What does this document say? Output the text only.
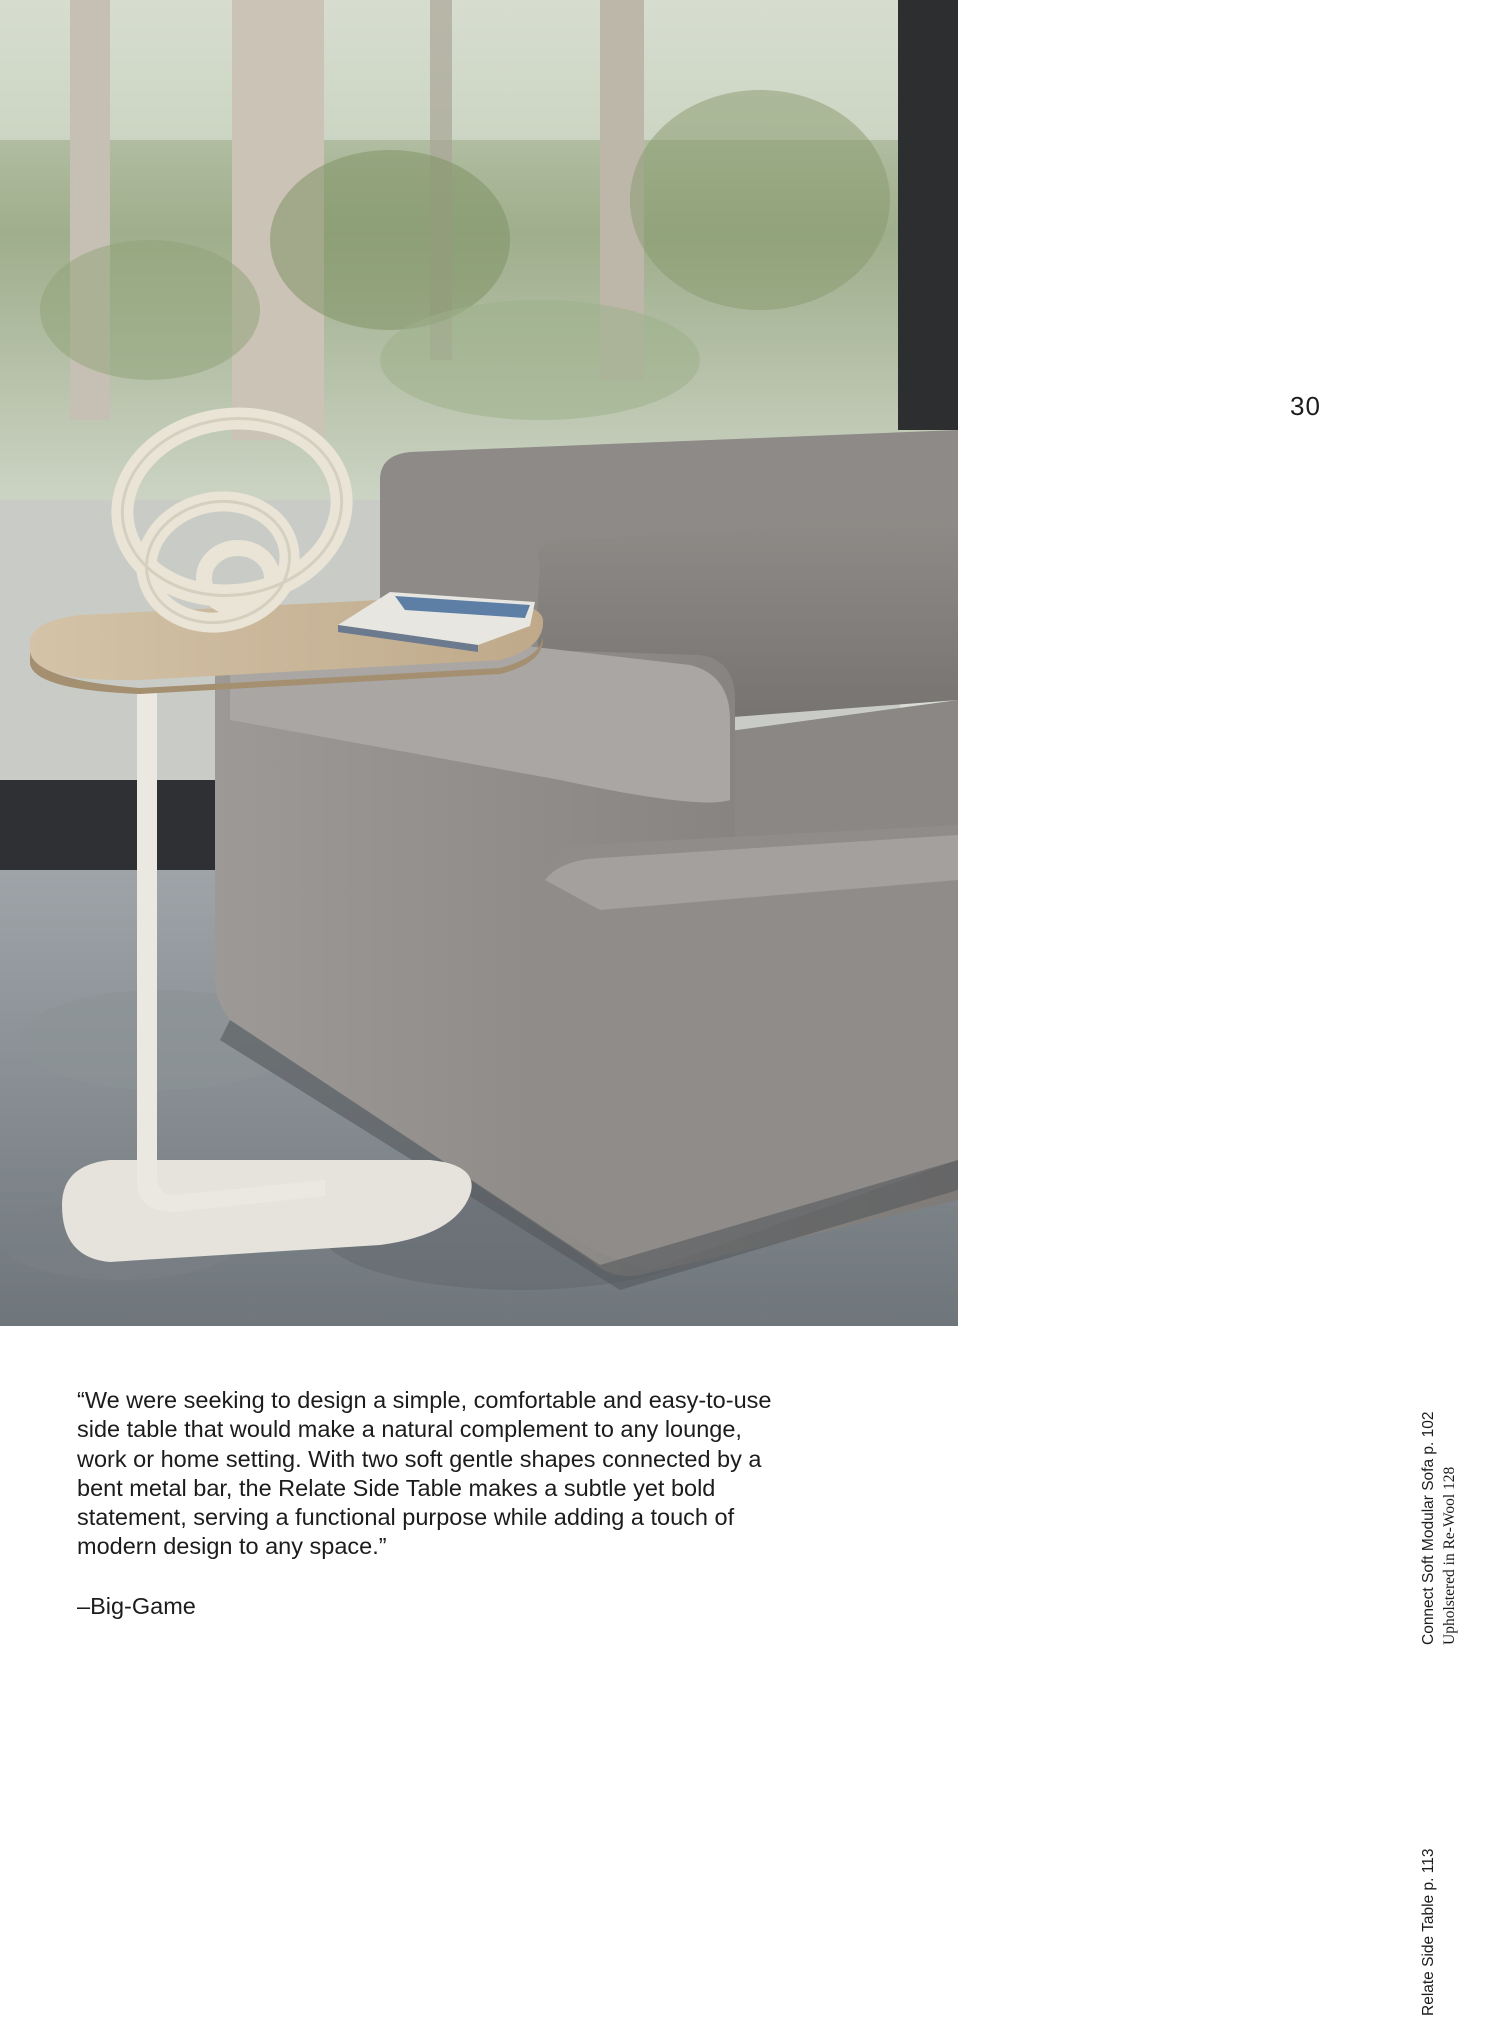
30

“We were seeking to design a simple, comfortable and easy-to-use side table that would make a natural complement to any lounge, work or home setting. With two soft gentle shapes connected by a bent metal bar, the Relate Side Table makes a subtle yet bold statement, serving a functional purpose while adding a touch of modern design to any space.”

–Big-Game	Connect Soft Modular Sofa p. 102 Upholstered in Re-Wool 128
Relate Side Table p. 113
